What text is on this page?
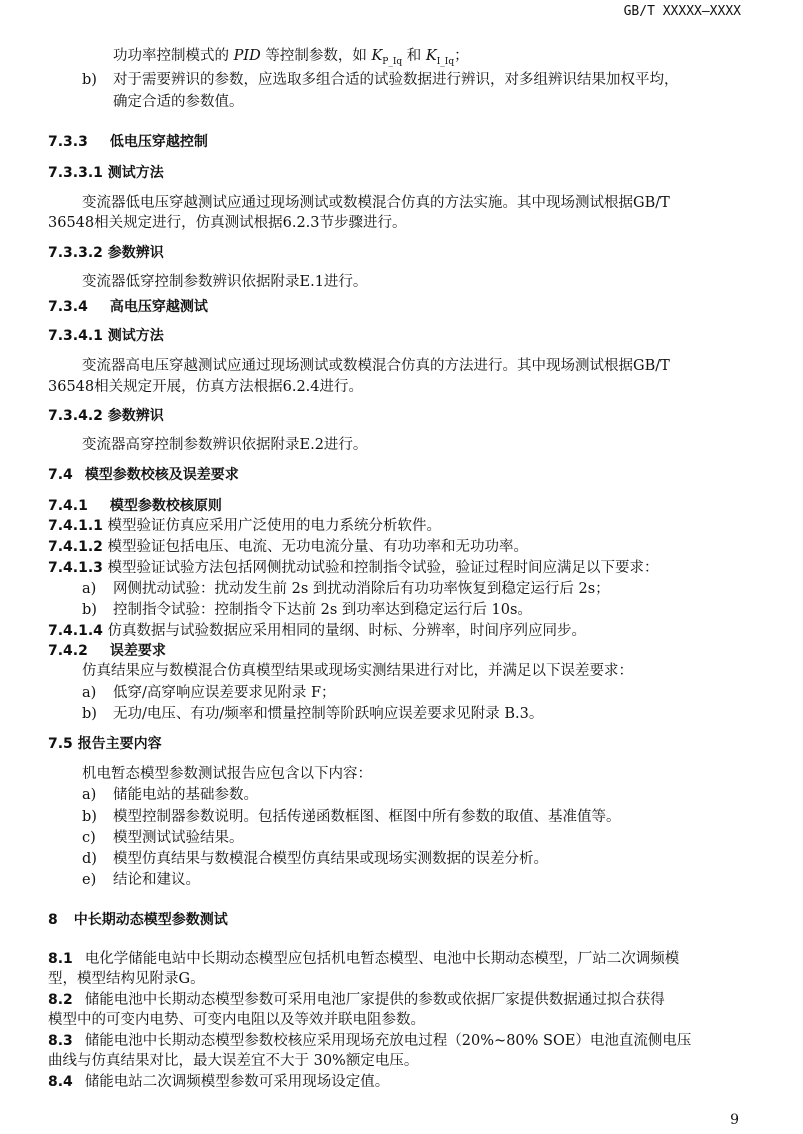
GB/T XXXXX—XXXX
功功率控制模式的 PID 等控制参数，如 $K_{P\_Iq}$ 和 $K_{I\_Iq}$；
b) 对于需要辨识的参数，应选取多组合适的试验数据进行辨识，对多组辨识结果加权平均，
确定合适的参数值。
7.3.3 低电压穿越控制
7.3.3.1 测试方法
变流器低电压穿越测试应通过现场测试或数模混合仿真的方法实施。其中现场测试根据GB/T
36548相关规定进行，仿真测试根据6.2.3节步骤进行。
7.3.3.2 参数辨识
变流器低穿控制参数辨识依据附录E.1进行。
7.3.4 高电压穿越测试
7.3.4.1 测试方法
变流器高电压穿越测试应通过现场测试或数模混合仿真的方法进行。其中现场测试根据GB/T
36548相关规定开展，仿真方法根据6.2.4进行。
7.3.4.2 参数辨识
变流器高穿控制参数辨识依据附录E.2进行。
7.4 模型参数校核及误差要求
7.4.1 模型参数校核原则
7.4.1.1 模型验证仿真应采用广泛使用的电力系统分析软件。
7.4.1.2 模型验证包括电压、电流、无功电流分量、有功功率和无功功率。
7.4.1.3 模型验证试验方法包括网侧扰动试验和控制指令试验，验证过程时间应满足以下要求：
a) 网侧扰动试验：扰动发生前 2s 到扰动消除后有功功率恢复到稳定运行后 2s；
b) 控制指令试验：控制指令下达前 2s 到功率达到稳定运行后 10s。
7.4.1.4 仿真数据与试验数据应采用相同的量纲、时标、分辨率，时间序列应同步。
7.4.2 误差要求
仿真结果应与数模混合仿真模型结果或现场实测结果进行对比，并满足以下误差要求：
a) 低穿/高穿响应误差要求见附录 F；
b) 无功/电压、有功/频率和惯量控制等阶跃响应误差要求见附录 B.3。
7.5 报告主要内容
机电暂态模型参数测试报告应包含以下内容：
a) 储能电站的基础参数。
b) 模型控制器参数说明。包括传递函数框图、框图中所有参数的取值、基准值等。
c) 模型测试试验结果。
d) 模型仿真结果与数模混合模型仿真结果或现场实测数据的误差分析。
e) 结论和建议。
8 中长期动态模型参数测试
8.1 电化学储能电站中长期动态模型应包括机电暂态模型、电池中长期动态模型，厂站二次调频模
型，模型结构见附录G。
8.2 储能电池中长期动态模型参数可采用电池厂家提供的参数或依据厂家提供数据通过拟合获得
模型中的可变内电势、可变内电阻以及等效并联电阻参数。
8.3 储能电池中长期动态模型参数校核应采用现场充放电过程（20%~80% SOE）电池直流侧电压
曲线与仿真结果对比，最大误差宜不大于 30%额定电压。
8.4 储能电站二次调频模型参数可采用现场设定值。
9
